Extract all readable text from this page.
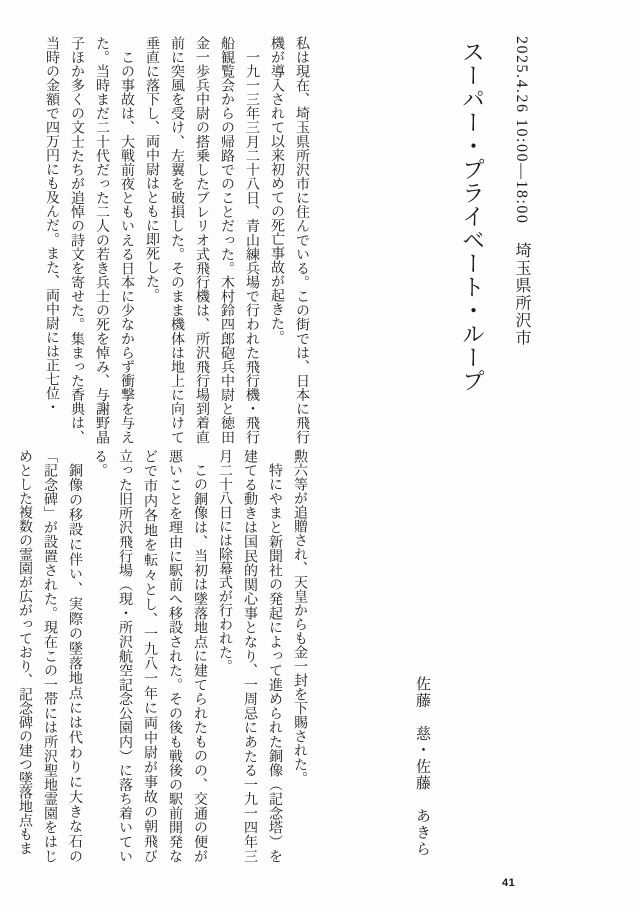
2025.4.26 10:00—18:00　埼玉県所沢市
スーパー・プライベート・ループ

私は現在、埼玉県所沢市に住んでいる。この街では、日本に飛行機が導入されて以来初めての死亡事故が起きた。

一九一三年三月二十八日、青山練兵場で行われた飛行機・飛行船観覧会からの帰路でのことだった。木村鈴四郎砲兵中尉と徳田金一歩兵中尉の搭乗したブレリオ式飛行機は、所沢飛行場到着直前に突風を受け、左翼を破損した。そのまま機体は地上に向けて垂直に落下し、両中尉はともに即死した。

この事故は、大戦前夜ともいえる日本に少なからず衝撃を与えた。当時まだ二十代だった二人の若き兵士の死を悼み、与謝野晶子ほか多くの文士たちが追悼の詩文を寄せた。集まった香典は、当時の金額で四万円にも及んだ。また、両中尉には正七位・

勲六等が追贈され、天皇からも金一封を下賜された。

特にやまと新聞社の発起によって進められた銅像（記念塔）を建てる動きは国民的関心事となり、一周忌にあたる一九一四年三月二十八日には除幕式が行われた。

この銅像は、当初は墜落地点に建てられたものの、交通の便が悪いことを理由に駅前へ移設された。その後も戦後の駅前開発などで市内各地を転々とし、一九八一年に両中尉が事故の朝飛び立った旧所沢飛行場（現・所沢航空記念公園内）に落ち着いている。

銅像の移設に伴い、実際の墜落地点には代わりに大きな石の「記念碑」が設置された。現在この一帯には所沢聖地霊園をはじめとした複数の霊園が広がっており、記念碑の建つ墜落地点もま	佐藤　慈・佐藤　あきら
41
